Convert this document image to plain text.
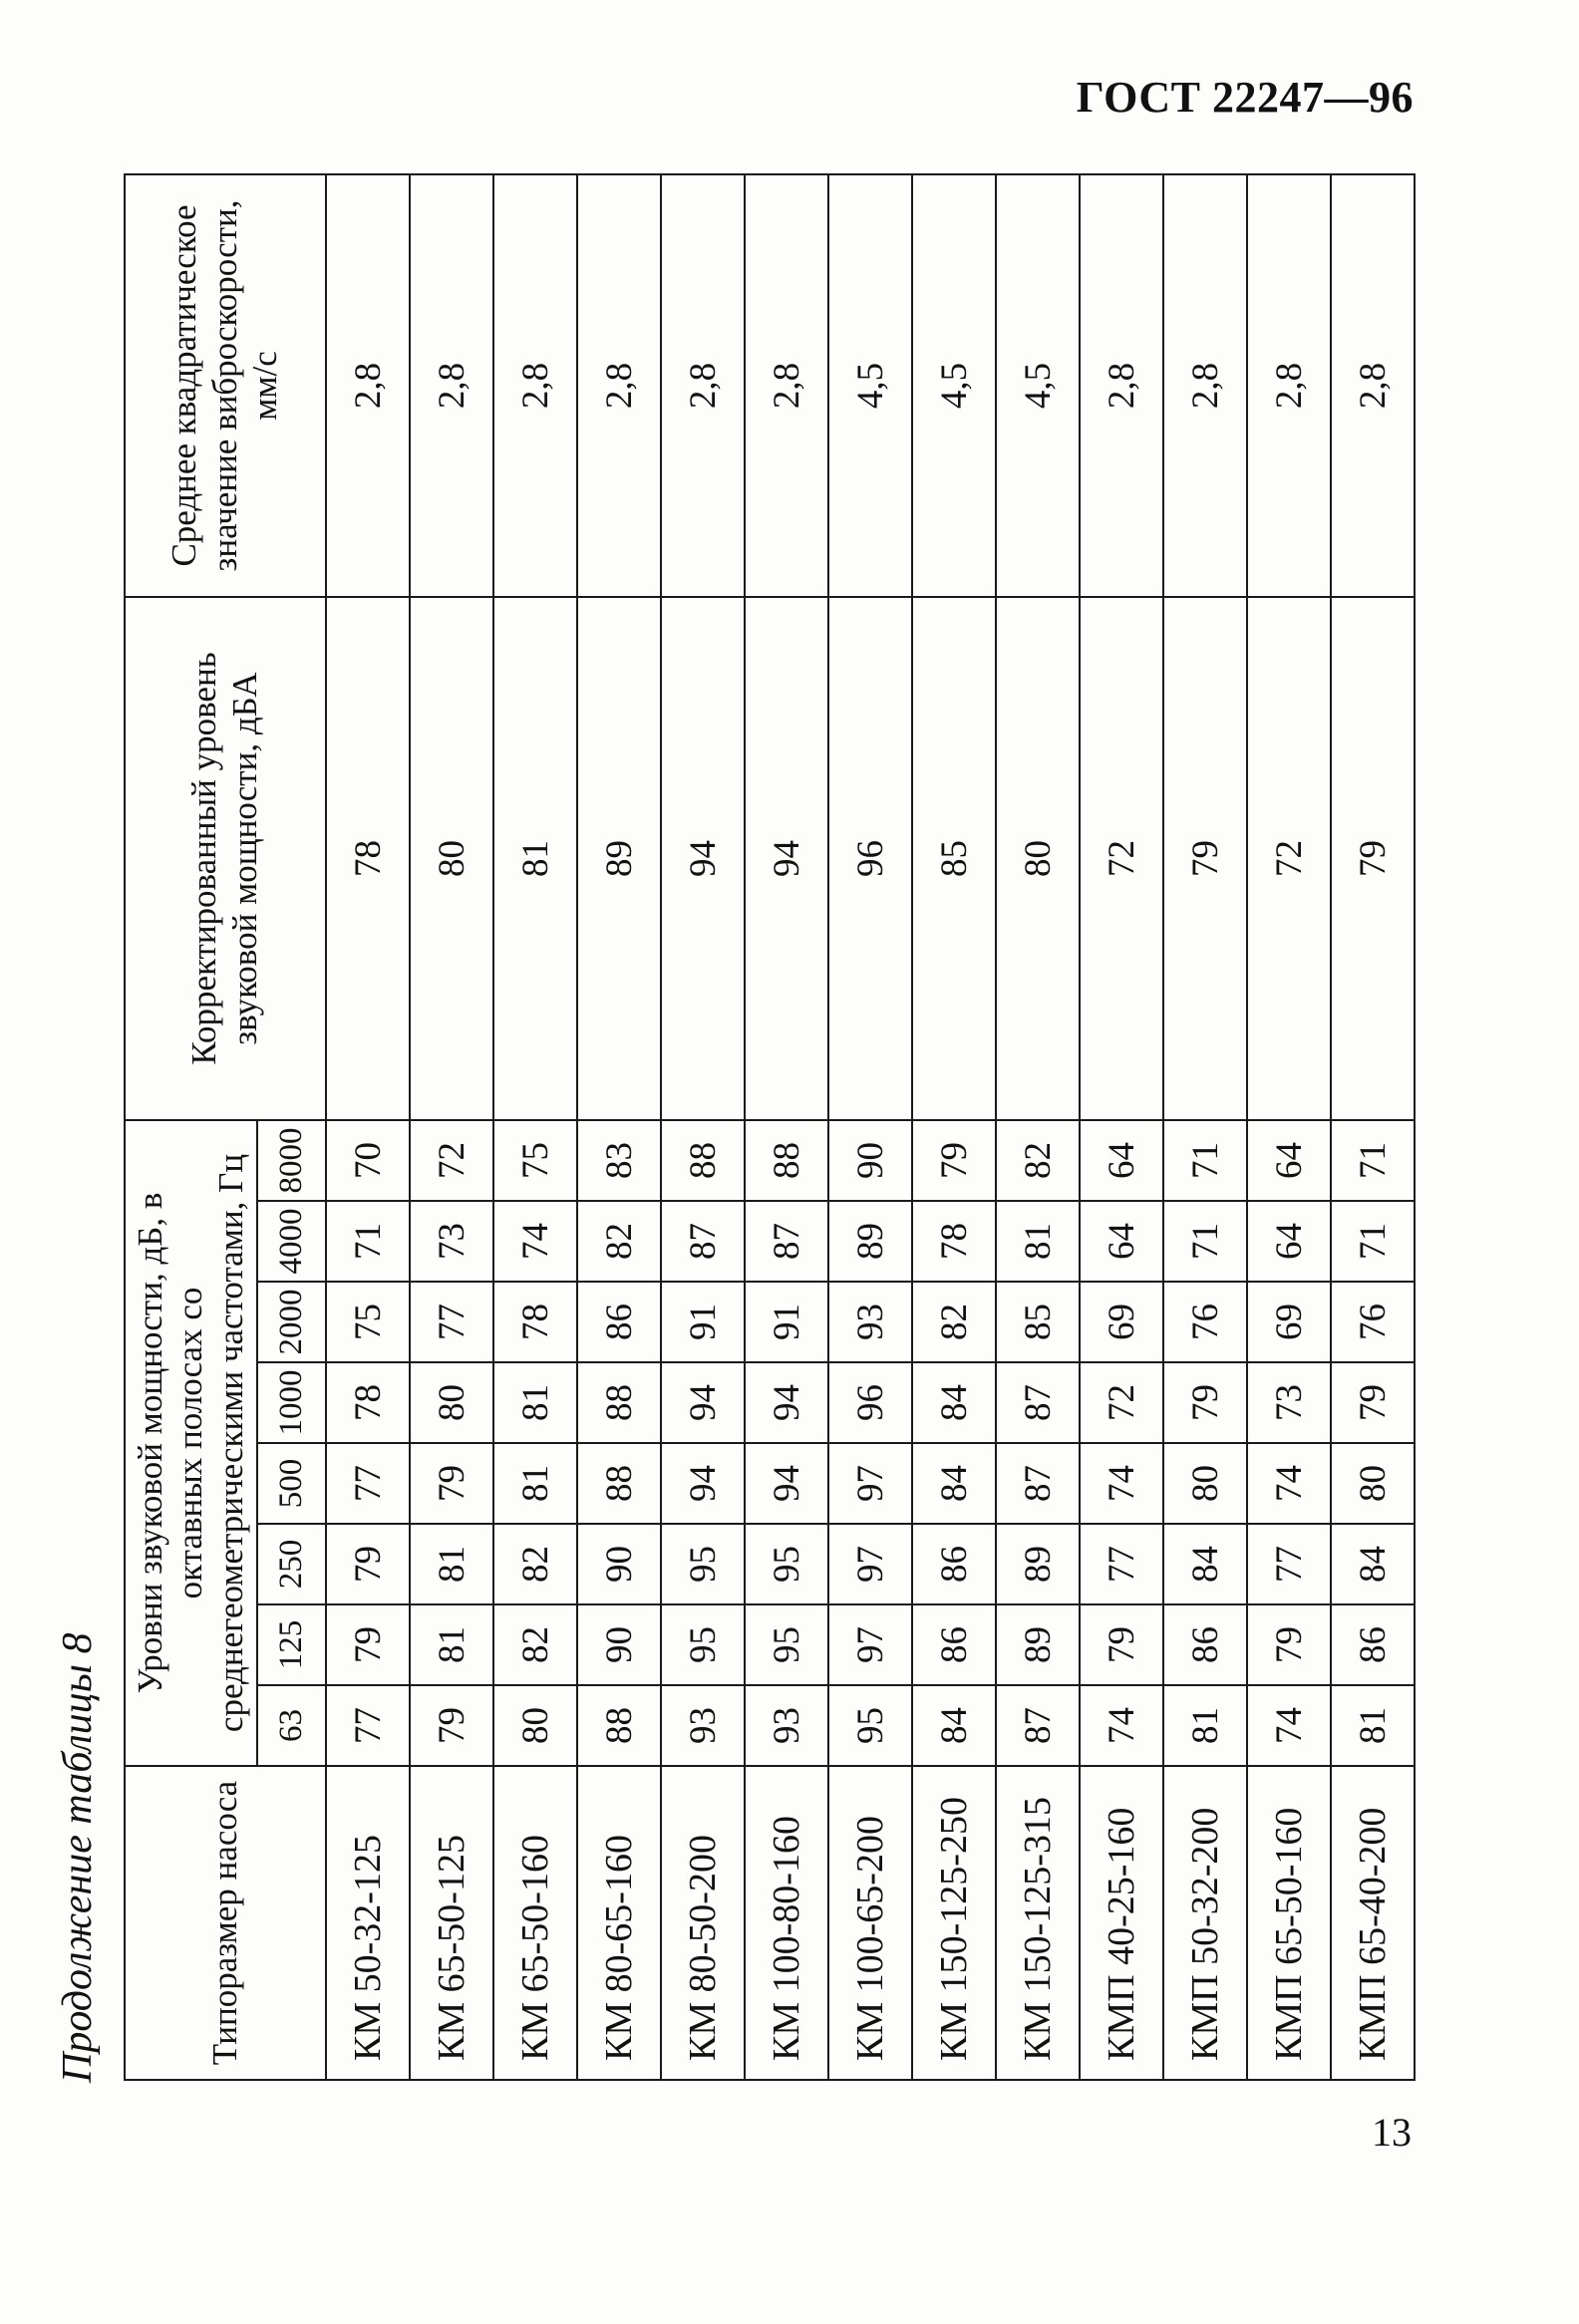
ГОСТ 22247—96
Продолжение таблицы 8	Типоразмер насоса	Уровни звуковой мощности, дБ, в октавных полосах со среднегеометрическими частотами, Гц								Корректированный уровень звуковой мощности, дБА	Среднее квадратическое значение виброскорости, мм/с
	63	125	250	500	1000	2000	4000	8000		
КМ 50-32-125	77	79	79	77	78	75	71	70	78	2,8
КМ 65-50-125	79	81	81	79	80	77	73	72	80	2,8
КМ 65-50-160	80	82	82	81	81	78	74	75	81	2,8
КМ 80-65-160	88	90	90	88	88	86	82	83	89	2,8
КМ 80-50-200	93	95	95	94	94	91	87	88	94	2,8
КМ 100-80-160	93	95	95	94	94	91	87	88	94	2,8
КМ 100-65-200	95	97	97	97	96	93	89	90	96	4,5
КМ 150-125-250	84	86	86	84	84	82	78	79	85	4,5
КМ 150-125-315	87	89	89	87	87	85	81	82	80	4,5
КМП 40-25-160	74	79	77	74	72	69	64	64	72	2,8
КМП 50-32-200	81	86	84	80	79	76	71	71	79	2,8
КМП 65-50-160	74	79	77	74	73	69	64	64	72	2,8
КМП 65-40-200	81	86	84	80	79	76	71	71	79	2,8
13
